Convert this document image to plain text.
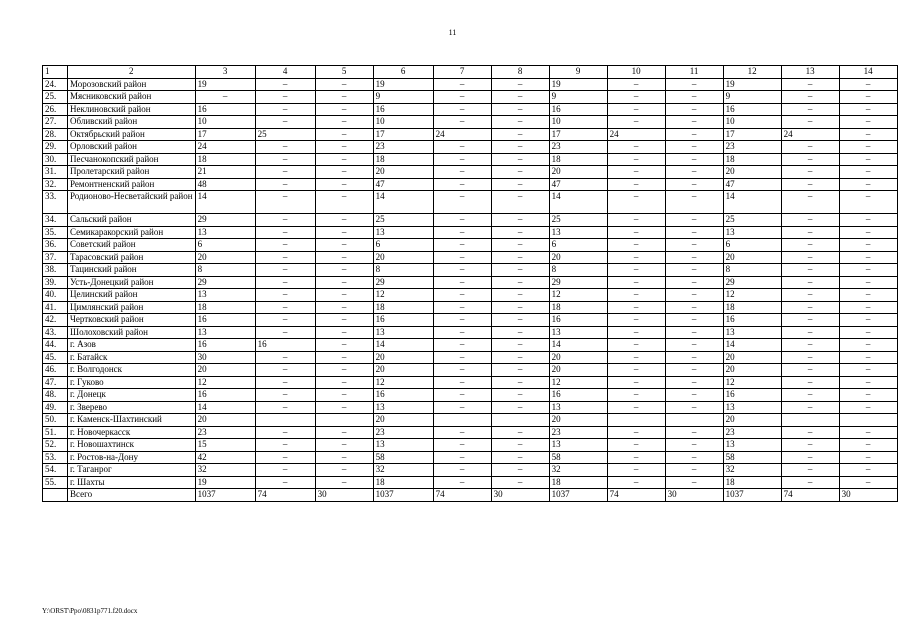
11
1	2	3	4	5	6	7	8	9	10	11	12	13	14
24.	Морозовский район	19	–	–	19	–	–	19	–	–	19	–	–
25.	Мясниковский район	–	–	–	9	–	–	9	–	–	9	–	–
26.	Неклиновский район	16	–	–	16	–	–	16	–	–	16	–	–
27.	Обливский район	10	–	–	10	–	–	10	–	–	10	–	–
28.	Октябрьский район	17	25	–	17	24	–	17	24	–	17	24	–
29.	Орловский район	24	–	–	23	–	–	23	–	–	23	–	–
30.	Песчанокопский район	18	–	–	18	–	–	18	–	–	18	–	–
31.	Пролетарский район	21	–	–	20	–	–	20	–	–	20	–	–
32.	Ремонтненский район	48	–	–	47	–	–	47	–	–	47	–	–
33.	Родионово-Несветайский район	14	–	–	14	–	–	14	–	–	14	–	–
34.	Сальский район	29	–	–	25	–	–	25	–	–	25	–	–
35.	Семикаракорский район	13	–	–	13	–	–	13	–	–	13	–	–
36.	Советский район	6	–	–	6	–	–	6	–	–	6	–	–
37.	Тарасовский район	20	–	–	20	–	–	20	–	–	20	–	–
38.	Тацинский район	8	–	–	8	–	–	8	–	–	8	–	–
39.	Усть-Донецкий район	29	–	–	29	–	–	29	–	–	29	–	–
40.	Целинский район	13	–	–	12	–	–	12	–	–	12	–	–
41.	Цимлянский район	18	–	–	18	–	–	18	–	–	18	–	–
42.	Чертковский район	16	–	–	16	–	–	16	–	–	16	–	–
43.	Шолоховский район	13	–	–	13	–	–	13	–	–	13	–	–
44.	г. Азов	16	16	–	14	–	–	14	–	–	14	–	–
45.	г. Батайск	30	–	–	20	–	–	20	–	–	20	–	–
46.	г. Волгодонск	20	–	–	20	–	–	20	–	–	20	–	–
47.	г. Гуково	12	–	–	12	–	–	12	–	–	12	–	–
48.	г. Донецк	16	–	–	16	–	–	16	–	–	16	–	–
49.	г. Зверево	14	–	–	13	–	–	13	–	–	13	–	–
50.	г. Каменск-Шахтинский	20			20			20			20		
51.	г. Новочеркасск	23	–	–	23	–	–	23	–	–	23	–	–
52.	г. Новошахтинск	15	–	–	13	–	–	13	–	–	13	–	–
53.	г. Ростов-на-Дону	42	–	–	58	–	–	58	–	–	58	–	–
54.	г. Таганрог	32	–	–	32	–	–	32	–	–	32	–	–
55.	г. Шахты	19	–	–	18	–	–	18	–	–	18	–	–
	Всего	1037	74	30	1037	74	30	1037	74	30	1037	74	30
Y:\ORST\Ppo\0831p771.f20.docx
